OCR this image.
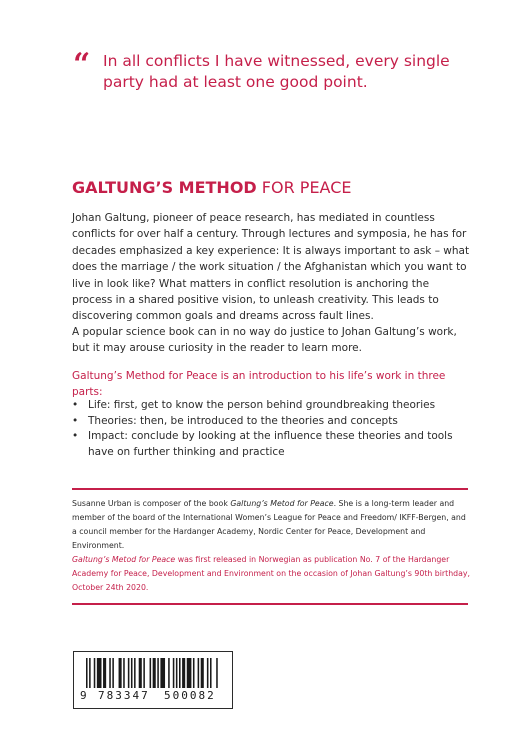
“ In all conflicts I have witnessed, every single party had at least one good point.
GALTUNG’S METHOD FOR PEACE
Johan Galtung, pioneer of peace research, has mediated in countless conflicts for over half a century. Through lectures and symposia, he has for decades emphasized a key experience: It is always important to ask – what does the marriage / the work situation / the Afghanistan which you want to live in look like? What matters in conflict resolution is anchoring the process in a shared positive vision, to unleash creativity. This leads to discovering common goals and dreams across fault lines.
A popular science book can in no way do justice to Johan Galtung’s work, but it may arouse curiosity in the reader to learn more.
Galtung’s Method for Peace is an introduction to his life’s work in three parts:
• Life: first, get to know the person behind groundbreaking theories
• Theories: then, be introduced to the theories and concepts
• Impact: conclude by looking at the influence these theories and tools have on further thinking and practice
Susanne Urban is composer of the book Galtung’s Metod for Peace. She is a long-term leader and member of the board of the International Women’s League for Peace and Freedom/ IKFF-Bergen, and a council member for the Hardanger Academy, Nordic Center for Peace, Development and Environment.
Galtung’s Metod for Peace was first released in Norwegian as publication No. 7 of the Hardanger Academy for Peace, Development and Environment on the occasion of Johan Galtung’s 90th birthday, October 24th 2020.
9 783347 500082
